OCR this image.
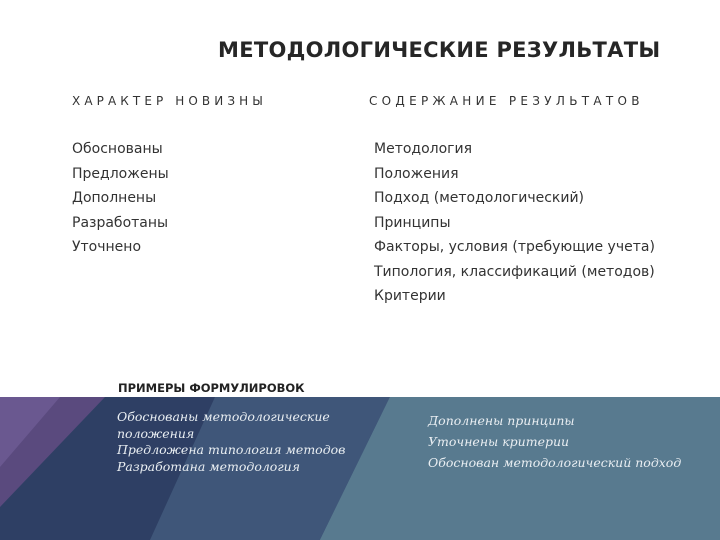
МЕТОДОЛОГИЧЕСКИЕ РЕЗУЛЬТАТЫ
ХАРАКТЕР НОВИЗНЫ	СОДЕРЖАНИЕ РЕЗУЛЬТАТОВ
Обоснованы
Предложены
Дополнены
Разработаны
Уточнено
Методология
Положения
Подход (методологический)
Принципы
Факторы, условия (требующие учета)
Типология, классификаций (методов)
Критерии
ПРИМЕРЫ ФОРМУЛИРОВОК
Обоснованы методологические положения
Предложена типология методов
Разработана методология
Дополнены принципы
Уточнены критерии
Обоснован методологический подход
